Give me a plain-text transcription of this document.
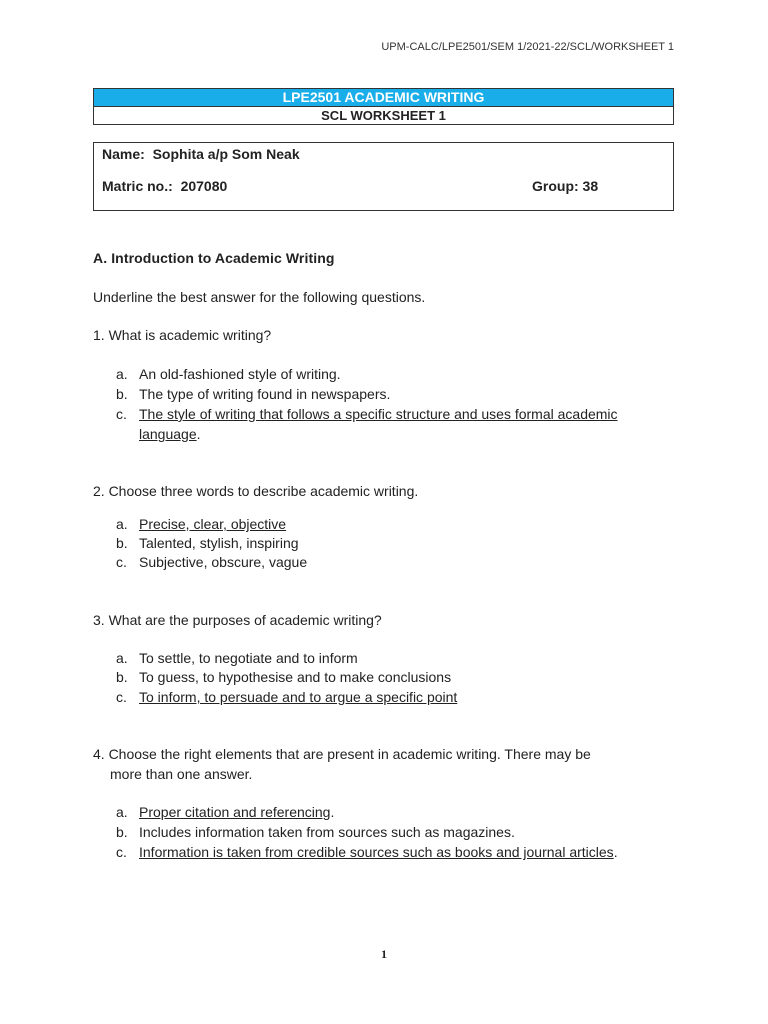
UPM-CALC/LPE2501/SEM 1/2021-22/SCL/WORKSHEET 1
LPE2501 ACADEMIC WRITING
SCL WORKSHEET 1
Name: Sophita a/p Som Neak
Matric no.: 207080	Group: 38
A. Introduction to Academic Writing
Underline the best answer for the following questions.
1. What is academic writing?
a. An old-fashioned style of writing.
b. The type of writing found in newspapers.
c. The style of writing that follows a specific structure and uses formal academic language.
2. Choose three words to describe academic writing.
a. Precise, clear, objective
b. Talented, stylish, inspiring
c. Subjective, obscure, vague
3. What are the purposes of academic writing?
a. To settle, to negotiate and to inform
b. To guess, to hypothesise and to make conclusions
c. To inform, to persuade and to argue a specific point
4. Choose the right elements that are present in academic writing. There may be
more than one answer.
a. Proper citation and referencing.
b. Includes information taken from sources such as magazines.
c. Information is taken from credible sources such as books and journal articles.
1
